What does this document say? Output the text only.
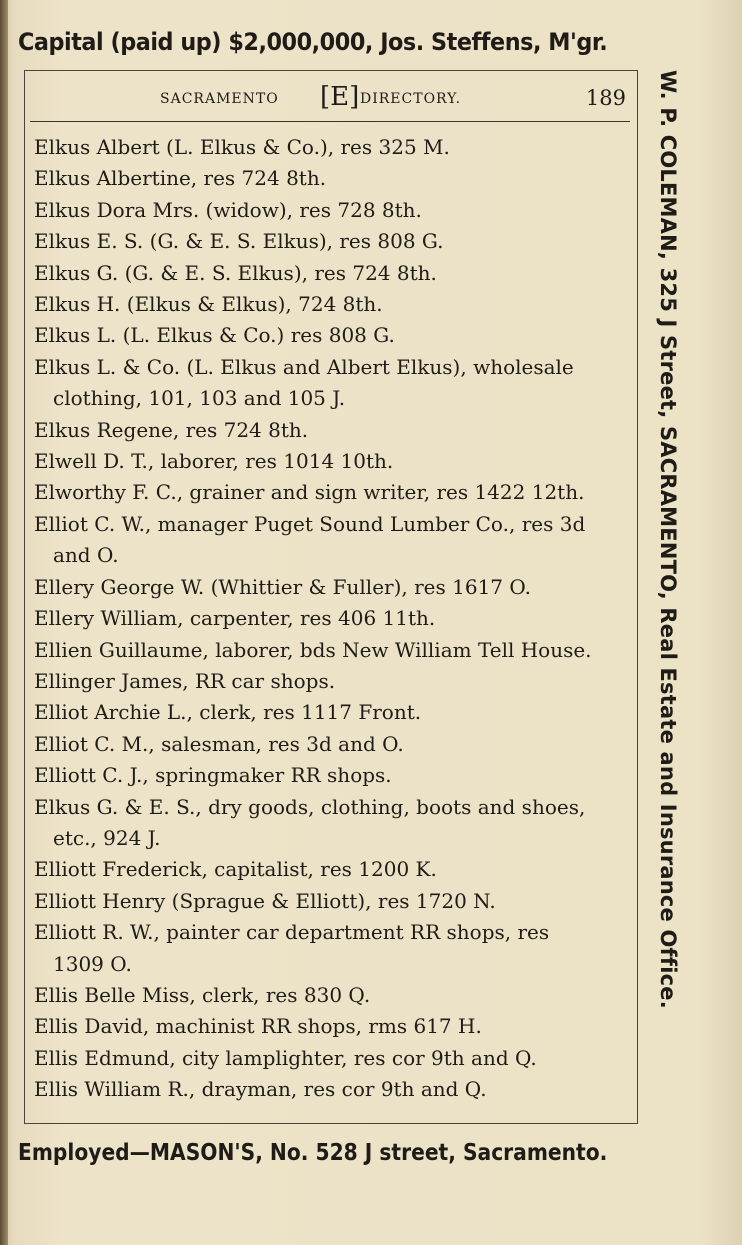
Capital (paid up) $2,000,000, Jos. Steffens, M'gr.
SACRAMENTO [E] DIRECTORY.	189
Elkus Albert (L. Elkus & Co.), res 325 M.
Elkus Albertine, res 724 8th.
Elkus Dora Mrs. (widow), res 728 8th.
Elkus E. S. (G. & E. S. Elkus), res 808 G.
Elkus G. (G. & E. S. Elkus), res 724 8th.
Elkus H. (Elkus & Elkus), 724 8th.
Elkus L. (L. Elkus & Co.) res 808 G.
Elkus L. & Co. (L. Elkus and Albert Elkus), wholesale
clothing, 101, 103 and 105 J.
Elkus Regene, res 724 8th.
Elwell D. T., laborer, res 1014 10th.
Elworthy F. C., grainer and sign writer, res 1422 12th.
Elliot C. W., manager Puget Sound Lumber Co., res 3d
and O.
Ellery George W. (Whittier & Fuller), res 1617 O.
Ellery William, carpenter, res 406 11th.
Ellien Guillaume, laborer, bds New William Tell House.
Ellinger James, RR car shops.
Elliot Archie L., clerk, res 1117 Front.
Elliot C. M., salesman, res 3d and O.
Elliott C. J., springmaker RR shops.
Elkus G. & E. S., dry goods, clothing, boots and shoes,
etc., 924 J.
Elliott Frederick, capitalist, res 1200 K.
Elliott Henry (Sprague & Elliott), res 1720 N.
Elliott R. W., painter car department RR shops, res
1309 O.
Ellis Belle Miss, clerk, res 830 Q.
Ellis David, machinist RR shops, rms 617 H.
Ellis Edmund, city lamplighter, res cor 9th and Q.
Ellis William R., drayman, res cor 9th and Q.
W. P. COLEMAN, 325 J Street, SACRAMENTO, Real Estate and Insurance Office.
Employed—MASON'S, No. 528 J street, Sacramento.
